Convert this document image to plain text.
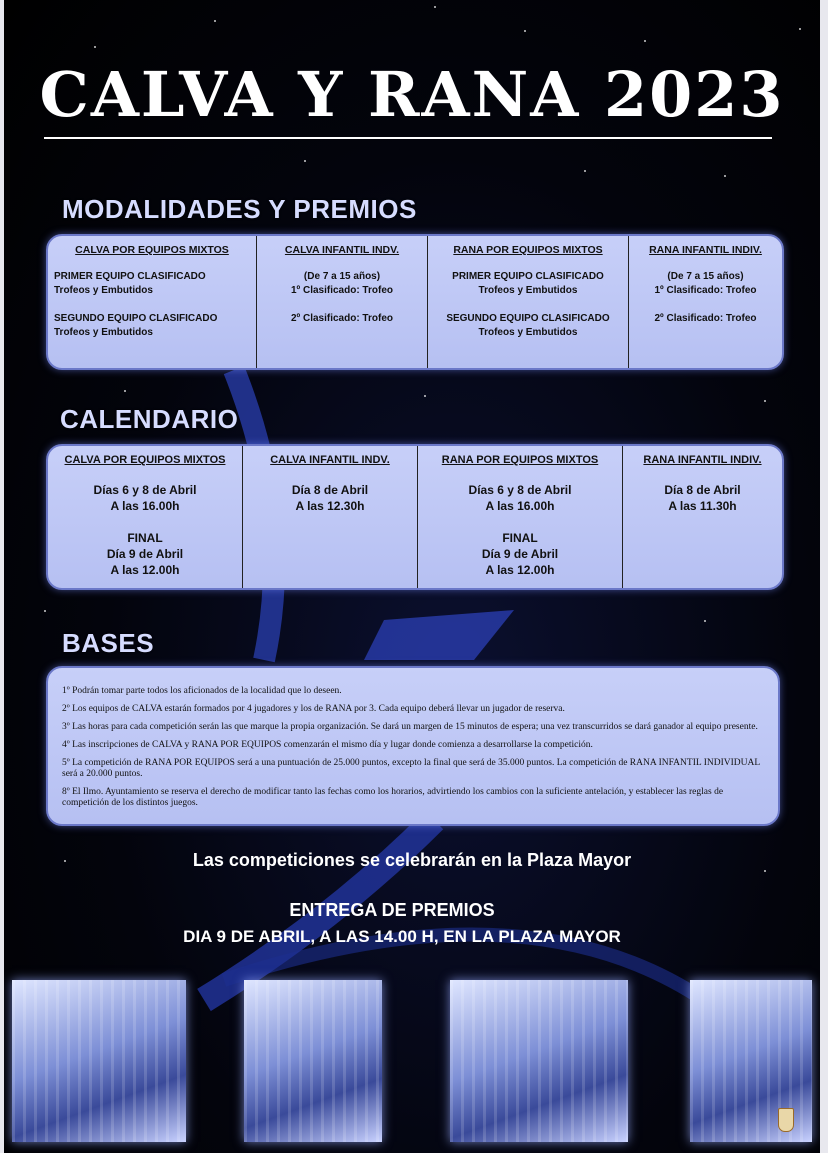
CALVA Y RANA 2023
MODALIDADES Y PREMIOS
CALVA POR EQUIPOS MIXTOS
PRIMER EQUIPO CLASIFICADO
Trofeos y Embutidos
SEGUNDO EQUIPO CLASIFICADO
Trofeos y Embutidos
CALVA INFANTIL INDV.
(De 7 a 15 años)
1º Clasificado: Trofeo
2º Clasificado: Trofeo
RANA POR EQUIPOS MIXTOS
PRIMER EQUIPO CLASIFICADO
Trofeos y Embutidos
SEGUNDO EQUIPO CLASIFICADO
Trofeos y Embutidos
RANA INFANTIL INDIV.
(De 7 a 15 años)
1º Clasificado: Trofeo
2º Clasificado: Trofeo
CALENDARIO
CALVA POR EQUIPOS MIXTOS
Días 6 y 8 de Abril
A las 16.00h
FINAL
Día 9 de Abril
A las 12.00h
CALVA INFANTIL INDV.
Día 8 de Abril
A las 12.30h
RANA POR EQUIPOS MIXTOS
Días 6 y 8 de Abril
A las 16.00h
FINAL
Día 9 de Abril
A las 12.00h
RANA INFANTIL INDIV.
Día 8 de Abril
A las 11.30h
BASES
1º Podrán tomar parte todos los aficionados de la localidad que lo deseen.
2º Los equipos de CALVA estarán formados por 4 jugadores y los de RANA por 3. Cada equipo deberá llevar un jugador de reserva.
3º Las horas para cada competición serán las que marque la propia organización. Se dará un margen de 15 minutos de espera; una vez transcurridos se dará ganador al equipo presente.
4º Las inscripciones de CALVA y RANA POR EQUIPOS comenzarán el mismo día y lugar donde comienza a desarrollarse la competición.
5º La competición de RANA POR EQUIPOS será a una puntuación de 25.000 puntos, excepto la final que será de 35.000 puntos. La competición de RANA INFANTIL INDIVIDUAL será a 20.000 puntos.
8º El Ilmo. Ayuntamiento se reserva el derecho de modificar tanto las fechas como los horarios, advirtiendo los cambios con la suficiente antelación, y establecer las reglas de competición de los distintos juegos.

Las competiciones se celebrarán en la Plaza Mayor

ENTREGA DE PREMIOS

DIA 9 DE ABRIL, A LAS 14.00 H, EN LA PLAZA MAYOR
